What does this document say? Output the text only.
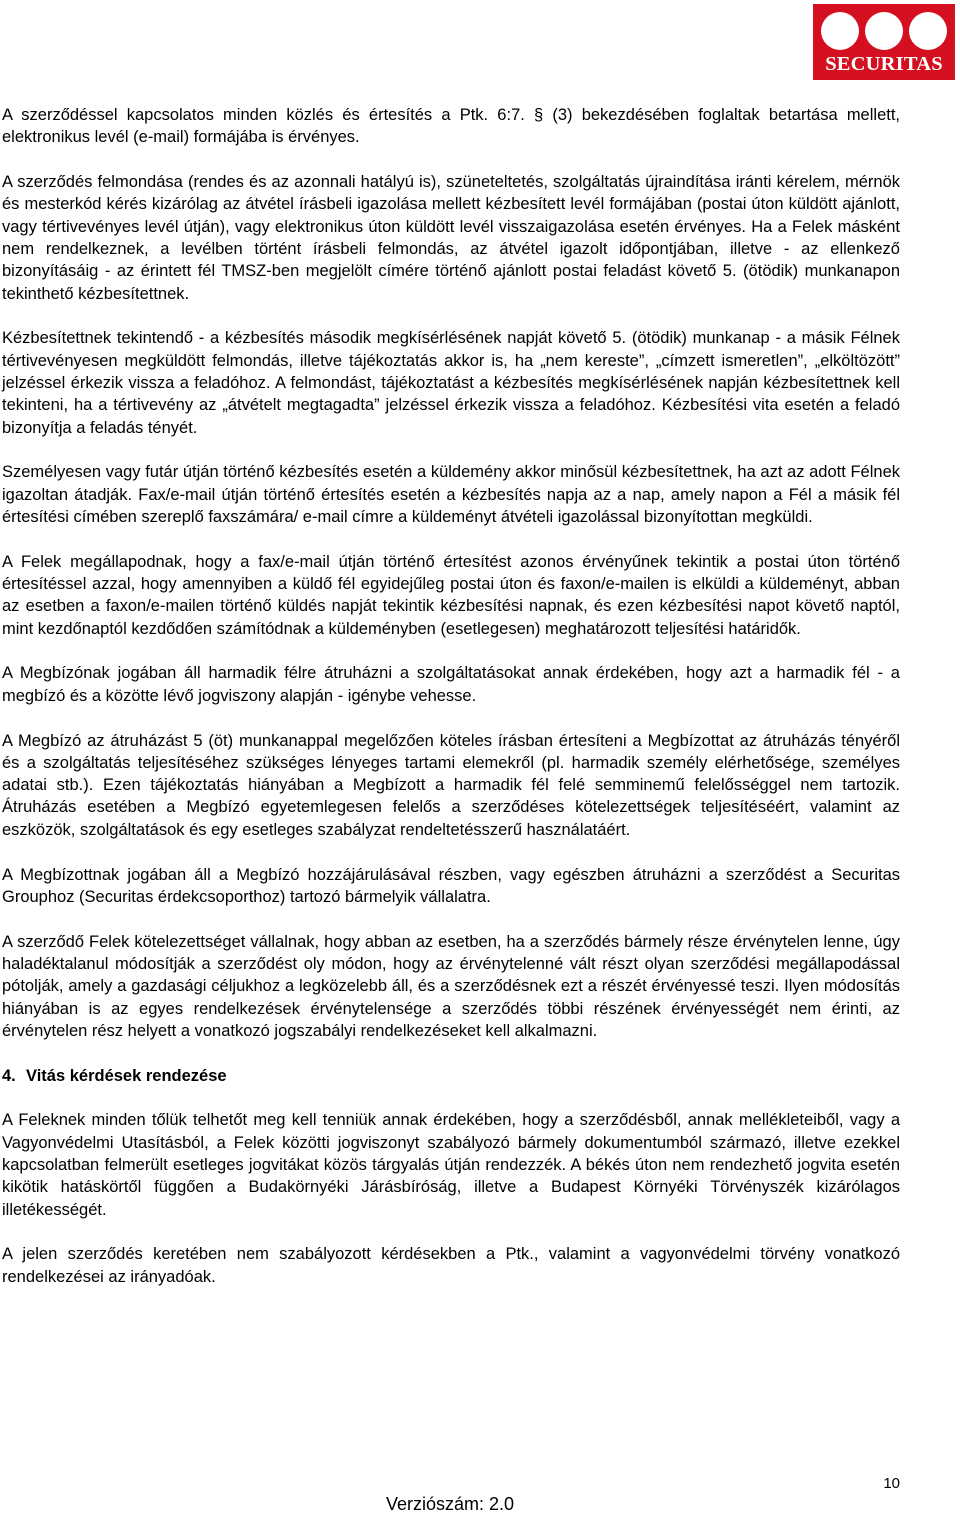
SECURITAS

A szerződéssel kapcsolatos minden közlés és értesítés a Ptk. 6:7. § (3) bekezdésében foglaltak betartása mellett, elektronikus levél (e-mail) formájába is érvényes.

A szerződés felmondása (rendes és az azonnali hatályú is), szüneteltetés, szolgáltatás újraindítása iránti kérelem, mérnök és mesterkód kérés kizárólag az átvétel írásbeli igazolása mellett kézbesített levél formájában (postai úton küldött ajánlott, vagy tértivevényes levél útján), vagy elektronikus úton küldött levél visszaigazolása esetén érvényes. Ha a Felek másként nem rendelkeznek, a levélben történt írásbeli felmondás, az átvétel igazolt időpontjában, illetve - az ellenkező bizonyításáig - az érintett fél TMSZ-ben megjelölt címére történő ajánlott postai feladást követő 5. (ötödik) munkanapon tekinthető kézbesítettnek.

Kézbesítettnek tekintendő - a kézbesítés második megkísérlésének napját követő 5. (ötödik) munkanap - a másik Félnek tértivevényesen megküldött felmondás, illetve tájékoztatás akkor is, ha „nem kereste”, „címzett ismeretlen”, „elköltözött” jelzéssel érkezik vissza a feladóhoz. A felmondást, tájékoztatást a kézbesítés megkísérlésének napján kézbesítettnek kell tekinteni, ha a tértivevény az „átvételt megtagadta” jelzéssel érkezik vissza a feladóhoz. Kézbesítési vita esetén a feladó bizonyítja a feladás tényét.

Személyesen vagy futár útján történő kézbesítés esetén a küldemény akkor minősül kézbesítettnek, ha azt az adott Félnek igazoltan átadják. Fax/e-mail útján történő értesítés esetén a kézbesítés napja az a nap, amely napon a Fél a másik fél értesítési címében szereplő faxszámára/ e-mail címre a küldeményt átvételi igazolással bizonyítottan megküldi.

A Felek megállapodnak, hogy a fax/e-mail útján történő értesítést azonos érvényűnek tekintik a postai úton történő értesítéssel azzal, hogy amennyiben a küldő fél egyidejűleg postai úton és faxon/e-mailen is elküldi a küldeményt, abban az esetben a faxon/e-mailen történő küldés napját tekintik kézbesítési napnak, és ezen kézbesítési napot követő naptól, mint kezdőnaptól kezdődően számítódnak a küldeményben (esetlegesen) meghatározott teljesítési határidők.

A Megbízónak jogában áll harmadik félre átruházni a szolgáltatásokat annak érdekében, hogy azt a harmadik fél - a megbízó és a közötte lévő jogviszony alapján - igénybe vehesse.

A Megbízó az átruházást 5 (öt) munkanappal megelőzően köteles írásban értesíteni a Megbízottat az átruházás tényéről és a szolgáltatás teljesítéséhez szükséges lényeges tartami elemekről (pl. harmadik személy elérhetősége, személyes adatai stb.). Ezen tájékoztatás hiányában a Megbízott a harmadik fél felé semminemű felelősséggel nem tartozik. Átruházás esetében a Megbízó egyetemlegesen felelős a szerződéses kötelezettségek teljesítéséért, valamint az eszközök, szolgáltatások és egy esetleges szabályzat rendeltetésszerű használatáért.

A Megbízottnak jogában áll a Megbízó hozzájárulásával részben, vagy egészben átruházni a szerződést a Securitas Grouphoz (Securitas érdekcsoporthoz) tartozó bármelyik vállalatra.

A szerződő Felek kötelezettséget vállalnak, hogy abban az esetben, ha a szerződés bármely része érvénytelen lenne, úgy haladéktalanul módosítják a szerződést oly módon, hogy az érvénytelenné vált részt olyan szerződési megállapodással pótolják, amely a gazdasági céljukhoz a legközelebb áll, és a szerződésnek ezt a részét érvényessé teszi. Ilyen módosítás hiányában is az egyes rendelkezések érvénytelensége a szerződés többi részének érvényességét nem érinti, az érvénytelen rész helyett a vonatkozó jogszabályi rendelkezéseket kell alkalmazni.

4. Vitás kérdések rendezése

A Feleknek minden tőlük telhetőt meg kell tenniük annak érdekében, hogy a szerződésből, annak mellékleteiből, vagy a Vagyonvédelmi Utasításból, a Felek közötti jogviszonyt szabályozó bármely dokumentumból származó, illetve ezekkel kapcsolatban felmerült esetleges jogvitákat közös tárgyalás útján rendezzék. A békés úton nem rendezhető jogvita esetén kikötik hatáskörtől függően a Budakörnyéki Járásbíróság, illetve a Budapest Környéki Törvényszék kizárólagos illetékességét.

A jelen szerződés keretében nem szabályozott kérdésekben a Ptk., valamint a vagyonvédelmi törvény vonatkozó rendelkezései az irányadóak.

10
Verziószám: 2.0
